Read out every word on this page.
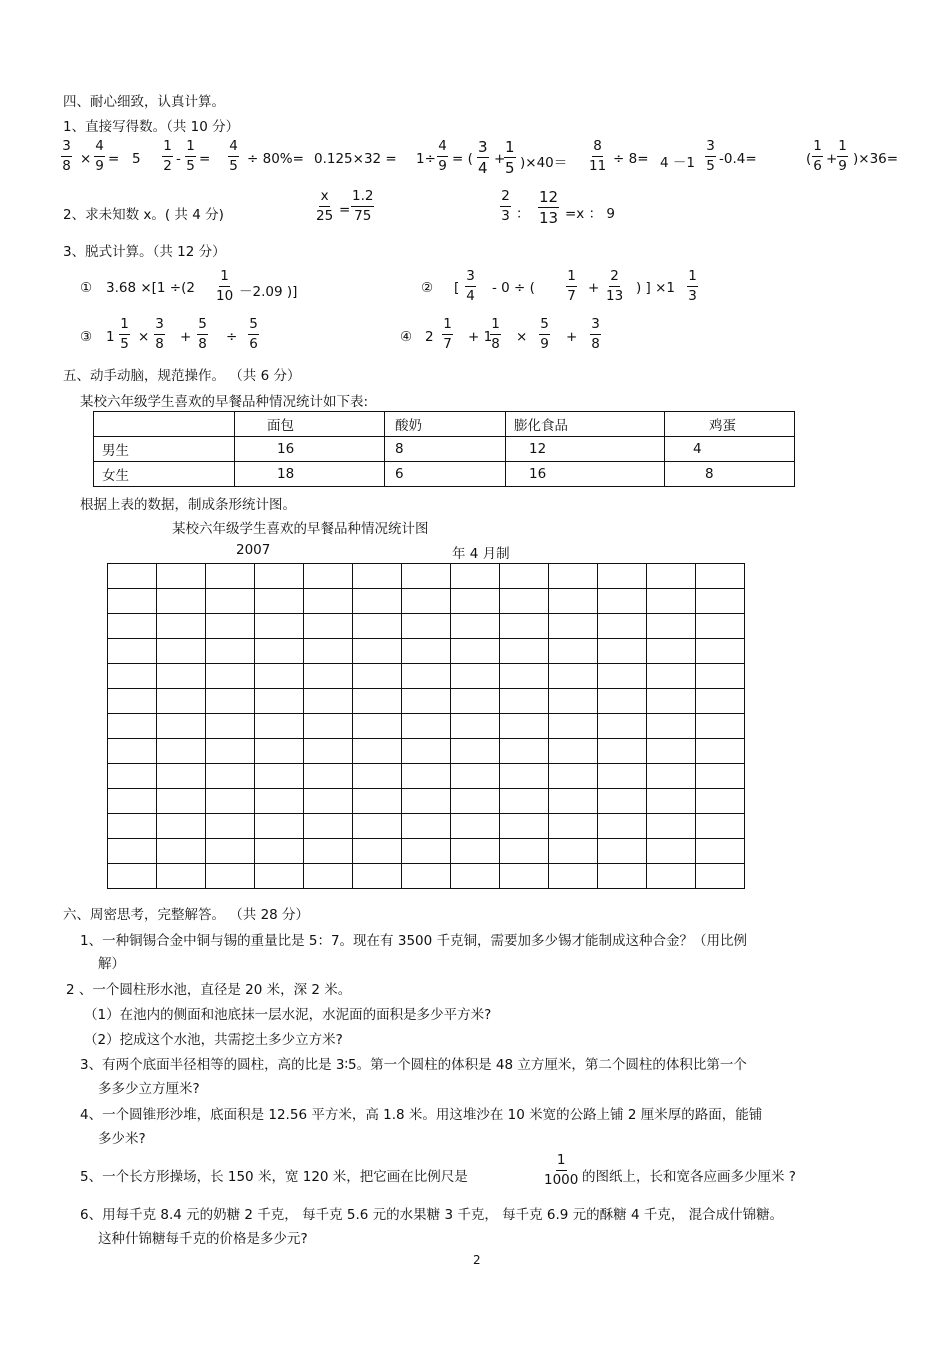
四、耐心细致，认真计算。
1、直接写得数。（共 10 分）
$\frac{3}{8} \times \frac{4}{9} = 5 \frac{1}{2} - \frac{1}{5} = \frac{4}{5} \div 80\%= 0.125\times 32 = 1\div \frac{4}{9}$ = ( $\frac{3}{4}$ +
$\frac{1}{5} )\times 40= \frac{8}{11} \div 8= 4 -1 \frac{3}{5} -0.4=$	( $\frac{1}{6} + \frac{1}{9} )\times 36=$
2、求未知数 x。( 共 4 分)	$\frac{x}{25} = \frac{1.2}{75}$	$\frac{2}{3}$ ： $\frac{12}{13} =x$ ： 9
3、脱式计算。（共 12 分）
① $3.68 \times[1 \div(2 \frac{1}{10} -2.09$ )]	② [ $\frac{3}{4} - 0$ ÷ ( $\frac{1}{7} + \frac{2}{13}$ ) ] $\times 1 \frac{1}{3}$
③ $1 \frac{1}{5} \times \frac{3}{8} + \frac{5}{8} \div \frac{5}{6}$	④ $2 \frac{1}{7} + 1$
$\frac{1}{8} \times \frac{5}{9} + \frac{3}{8}$
五、动手动脑，规范操作。 （共 6 分）
某校六年级学生喜欢的早餐品种情况统计如下表:
	面包	酸奶	膨化食品	鸡蛋
男生	16	8	12	4
女生	18	6	16	8
根据上表的数据，制成条形统计图。
某校六年级学生喜欢的早餐品种情况统计图
2007	年 4 月制

六、周密思考，完整解答。 （共 28 分）
1、一种铜锡合金中铜与锡的重量比是 5：7。现在有 3500 千克铜，需要加多少锡才能制成这种合金？（用比例
解）
2 、一个圆柱形水池，直径是 20 米，深 2 米。
（1）在池内的侧面和池底抹一层水泥，水泥面的面积是多少平方米?
（2）挖成这个水池，共需挖土多少立方米?
3、有两个底面半径相等的圆柱，高的比是 3∶5。第一个圆柱的体积是 48 立方厘米，第二个圆柱的体积比第一个
多多少立方厘米?
4、一个圆锥形沙堆，底面积是 12.56 平方米，高 1.8 米。用这堆沙在 10 米宽的公路上铺 2 厘米厚的路面，能铺
多少米?
5、一个长方形操场，长 150 米，宽 120 米，把它画在比例尺是	$\frac{1}{1000}$ 的图纸上，长和宽各应画多少厘米 ?
6、用每千克 8.4 元的奶糖 2 千克， 每千克 5.6 元的水果糖 3 千克， 每千克 6.9 元的酥糖 4 千克， 混合成什锦糖。
这种什锦糖每千克的价格是多少元?
2
